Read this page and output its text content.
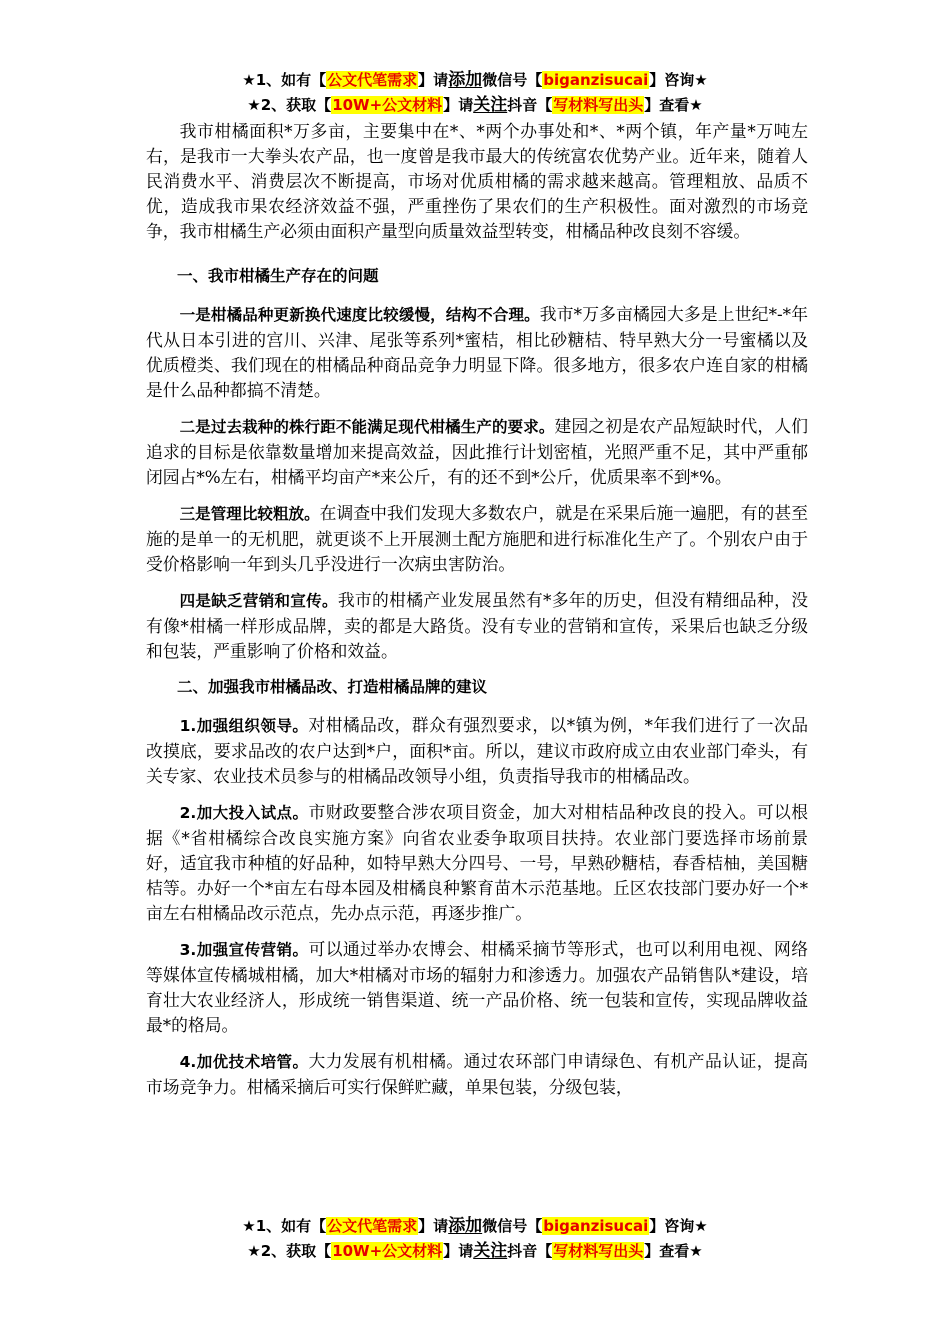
★1、如有【公文代笔需求】请添加微信号【biganzisucai】咨询★
★2、获取【10W+公文材料】请关注抖音【写材料写出头】查看★

我市柑橘面积*万多亩，主要集中在*、*两个办事处和*、*两个镇，年产量*万吨左右，是我市一大拳头农产品，也一度曾是我市最大的传统富农优势产业。近年来，随着人民消费水平、消费层次不断提高，市场对优质柑橘的需求越来越高。管理粗放、品质不优，造成我市果农经济效益不强，严重挫伤了果农们的生产积极性。面对激烈的市场竞争，我市柑橘生产必须由面积产量型向质量效益型转变，柑橘品种改良刻不容缓。

一、我市柑橘生产存在的问题

一是柑橘品种更新换代速度比较缓慢，结构不合理。我市*万多亩橘园大多是上世纪*-*年代从日本引进的宫川、兴津、尾张等系列*蜜桔，相比砂糖桔、特早熟大分一号蜜橘以及优质橙类、我们现在的柑橘品种商品竞争力明显下降。很多地方，很多农户连自家的柑橘是什么品种都搞不清楚。

二是过去栽种的株行距不能满足现代柑橘生产的要求。建园之初是农产品短缺时代，人们追求的目标是依靠数量增加来提高效益，因此推行计划密植，光照严重不足，其中严重郁闭园占*%左右，柑橘平均亩产*来公斤，有的还不到*公斤，优质果率不到*%。

三是管理比较粗放。在调查中我们发现大多数农户，就是在采果后施一遍肥，有的甚至施的是单一的无机肥，就更谈不上开展测土配方施肥和进行标准化生产了。个别农户由于受价格影响一年到头几乎没进行一次病虫害防治。

四是缺乏营销和宣传。我市的柑橘产业发展虽然有*多年的历史，但没有精细品种，没有像*柑橘一样形成品牌，卖的都是大路货。没有专业的营销和宣传，采果后也缺乏分级和包装，严重影响了价格和效益。

二、加强我市柑橘品改、打造柑橘品牌的建议

1.加强组织领导。对柑橘品改，群众有强烈要求，以*镇为例，*年我们进行了一次品改摸底，要求品改的农户达到*户，面积*亩。所以，建议市政府成立由农业部门牵头，有关专家、农业技术员参与的柑橘品改领导小组，负责指导我市的柑橘品改。

2.加大投入试点。市财政要整合涉农项目资金，加大对柑桔品种改良的投入。可以根据《*省柑橘综合改良实施方案》向省农业委争取项目扶持。农业部门要选择市场前景好，适宜我市种植的好品种，如特早熟大分四号、一号，早熟砂糖桔，春香桔柚，美国糖桔等。办好一个*亩左右母本园及柑橘良种繁育苗木示范基地。丘区农技部门要办好一个*亩左右柑橘品改示范点，先办点示范，再逐步推广。

3.加强宣传营销。可以通过举办农博会、柑橘采摘节等形式，也可以利用电视、网络等媒体宣传橘城柑橘，加大*柑橘对市场的辐射力和渗透力。加强农产品销售队*建设，培育壮大农业经济人，形成统一销售渠道、统一产品价格、统一包装和宣传，实现品牌收益最*的格局。

4.加优技术培管。大力发展有机柑橘。通过农环部门申请绿色、有机产品认证，提高市场竞争力。柑橘采摘后可实行保鲜贮藏，单果包装，分级包装，

★1、如有【公文代笔需求】请添加微信号【biganzisucai】咨询★
★2、获取【10W+公文材料】请关注抖音【写材料写出头】查看★
